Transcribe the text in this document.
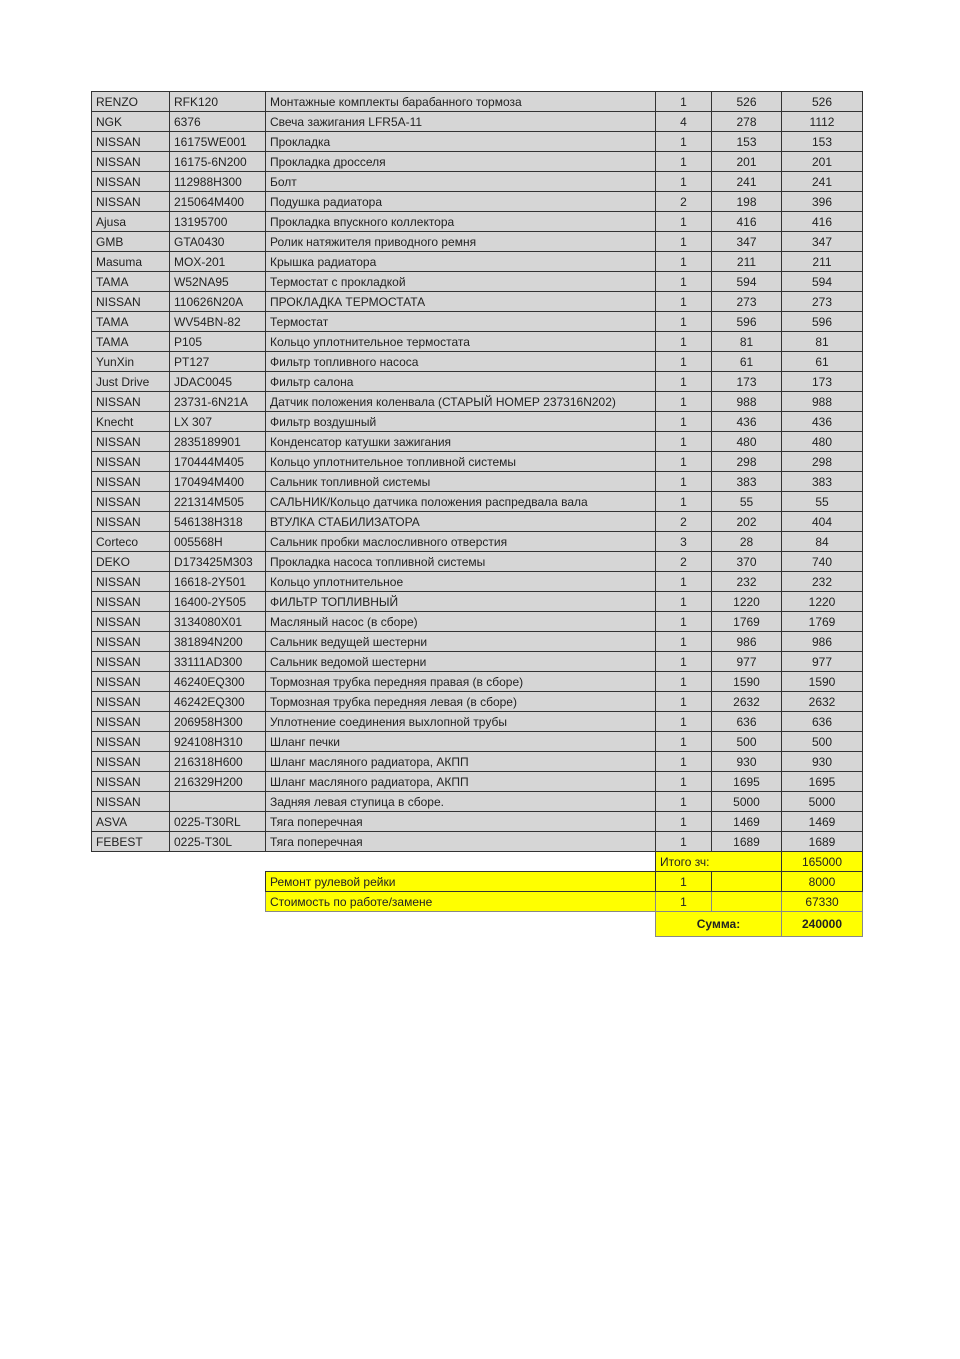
RENZO	RFK120	Монтажные комплекты барабанного тормоза	1	526	526
NGK	6376	Свеча зажигания LFR5A-11	4	278	1112
NISSAN	16175WE001	Прокладка	1	153	153
NISSAN	16175-6N200	Прокладка дросселя	1	201	201
NISSAN	112988H300	Болт	1	241	241
NISSAN	215064M400	Подушка радиатора	2	198	396
Ajusa	13195700	Прокладка впускного коллектора	1	416	416
GMB	GTA0430	Ролик натяжителя приводного ремня	1	347	347
Masuma	MOX-201	Крышка радиатора	1	211	211
TAMA	W52NA95	Термостат с прокладкой	1	594	594
NISSAN	110626N20A	ПРОКЛАДКА ТЕРМОСТАТА	1	273	273
TAMA	WV54BN-82	Термостат	1	596	596
TAMA	P105	Кольцо уплотнительное термостата	1	81	81
YunXin	PT127	Фильтр топливного насоса	1	61	61
Just Drive	JDAC0045	Фильтр салона	1	173	173
NISSAN	23731-6N21A	Датчик положения коленвала (СТАРЫЙ НОМЕР 237316N202)	1	988	988
Knecht	LX 307	Фильтр воздушный	1	436	436
NISSAN	2835189901	Конденсатор катушки зажигания	1	480	480
NISSAN	170444M405	Кольцо уплотнительное топливной системы	1	298	298
NISSAN	170494M400	Сальник топливной системы	1	383	383
NISSAN	221314M505	САЛЬНИК/Кольцо датчика положения распредвала вала	1	55	55
NISSAN	546138H318	ВТУЛКА СТАБИЛИЗАТОРА	2	202	404
Corteco	005568H	Сальник пробки маслосливного отверстия	3	28	84
DEKO	D173425M303	Прокладка насоса топливной системы	2	370	740
NISSAN	16618-2Y501	Кольцо уплотнительное	1	232	232
NISSAN	16400-2Y505	ФИЛЬТР ТОПЛИВНЫЙ	1	1220	1220
NISSAN	3134080X01	Масляный насос (в сборе)	1	1769	1769
NISSAN	381894N200	Сальник ведущей шестерни	1	986	986
NISSAN	33111AD300	Сальник ведомой шестерни	1	977	977
NISSAN	46240EQ300	Тормозная трубка передняя правая (в сборе)	1	1590	1590
NISSAN	46242EQ300	Тормозная трубка передняя левая (в сборе)	1	2632	2632
NISSAN	206958H300	Уплотнение соединения выхлопной трубы	1	636	636
NISSAN	924108H310	Шланг печки	1	500	500
NISSAN	216318H600	Шланг масляного радиатора, АКПП	1	930	930
NISSAN	216329H200	Шланг масляного радиатора, АКПП	1	1695	1695
NISSAN		Задняя левая ступица в сборе.	1	5000	5000
ASVA	0225-T30RL	Тяга поперечная	1	1469	1469
FEBEST	0225-T30L	Тяга поперечная	1	1689	1689
			Итого зч:		165000
		Ремонт рулевой рейки	1		8000
		Стоимость по работе/замене	1		67330
			Сумма:		240000
